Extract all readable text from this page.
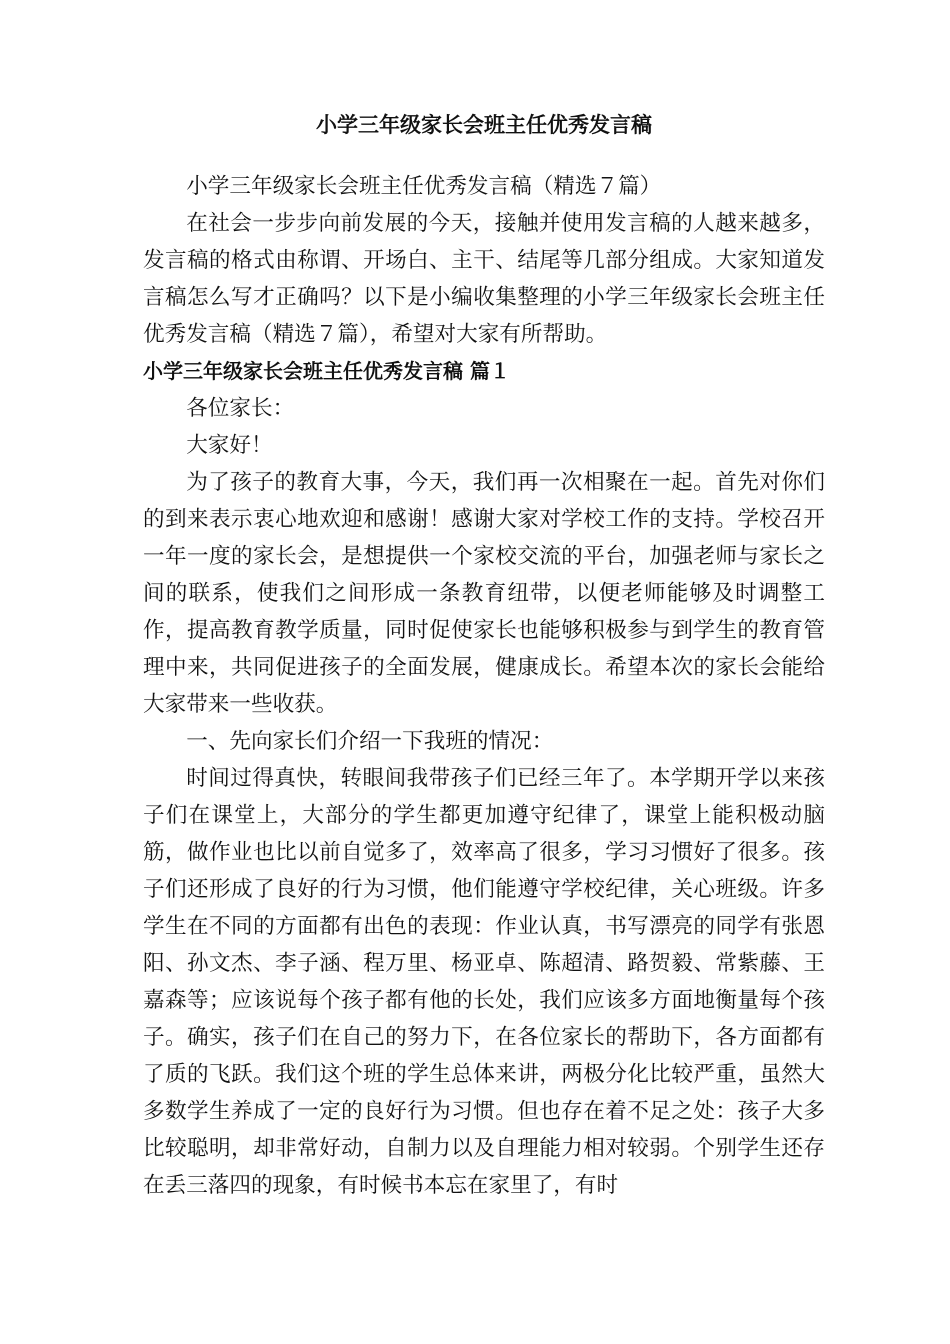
小学三年级家长会班主任优秀发言稿

小学三年级家长会班主任优秀发言稿（精选７篇）

在社会一步步向前发展的今天，接触并使用发言稿的人越来越多，发言稿的格式由称谓、开场白、主干、结尾等几部分组成。大家知道发言稿怎么写才正确吗？以下是小编收集整理的小学三年级家长会班主任优秀发言稿（精选７篇），希望对大家有所帮助。

小学三年级家长会班主任优秀发言稿 篇１

各位家长：

大家好！

为了孩子的教育大事，今天，我们再一次相聚在一起。首先对你们的到来表示衷心地欢迎和感谢！感谢大家对学校工作的支持。学校召开一年一度的家长会，是想提供一个家校交流的平台，加强老师与家长之间的联系，使我们之间形成一条教育纽带，以便老师能够及时调整工作，提高教育教学质量，同时促使家长也能够积极参与到学生的教育管理中来，共同促进孩子的全面发展，健康成长。希望本次的家长会能给大家带来一些收获。

一、先向家长们介绍一下我班的情况：

时间过得真快，转眼间我带孩子们已经三年了。本学期开学以来孩子们在课堂上，大部分的学生都更加遵守纪律了，课堂上能积极动脑筋，做作业也比以前自觉多了，效率高了很多，学习习惯好了很多。孩子们还形成了良好的行为习惯，他们能遵守学校纪律，关心班级。许多学生在不同的方面都有出色的表现：作业认真，书写漂亮的同学有张恩阳、孙文杰、李子涵、程万里、杨亚卓、陈超清、路贺毅、常紫藤、王嘉森等；应该说每个孩子都有他的长处，我们应该多方面地衡量每个孩子。确实，孩子们在自己的努力下，在各位家长的帮助下，各方面都有了质的飞跃。我们这个班的学生总体来讲，两极分化比较严重，虽然大多数学生养成了一定的良好行为习惯。但也存在着不足之处：孩子大多比较聪明，却非常好动，自制力以及自理能力相对较弱。个别学生还存在丢三落四的现象，有时候书本忘在家里了，有时
